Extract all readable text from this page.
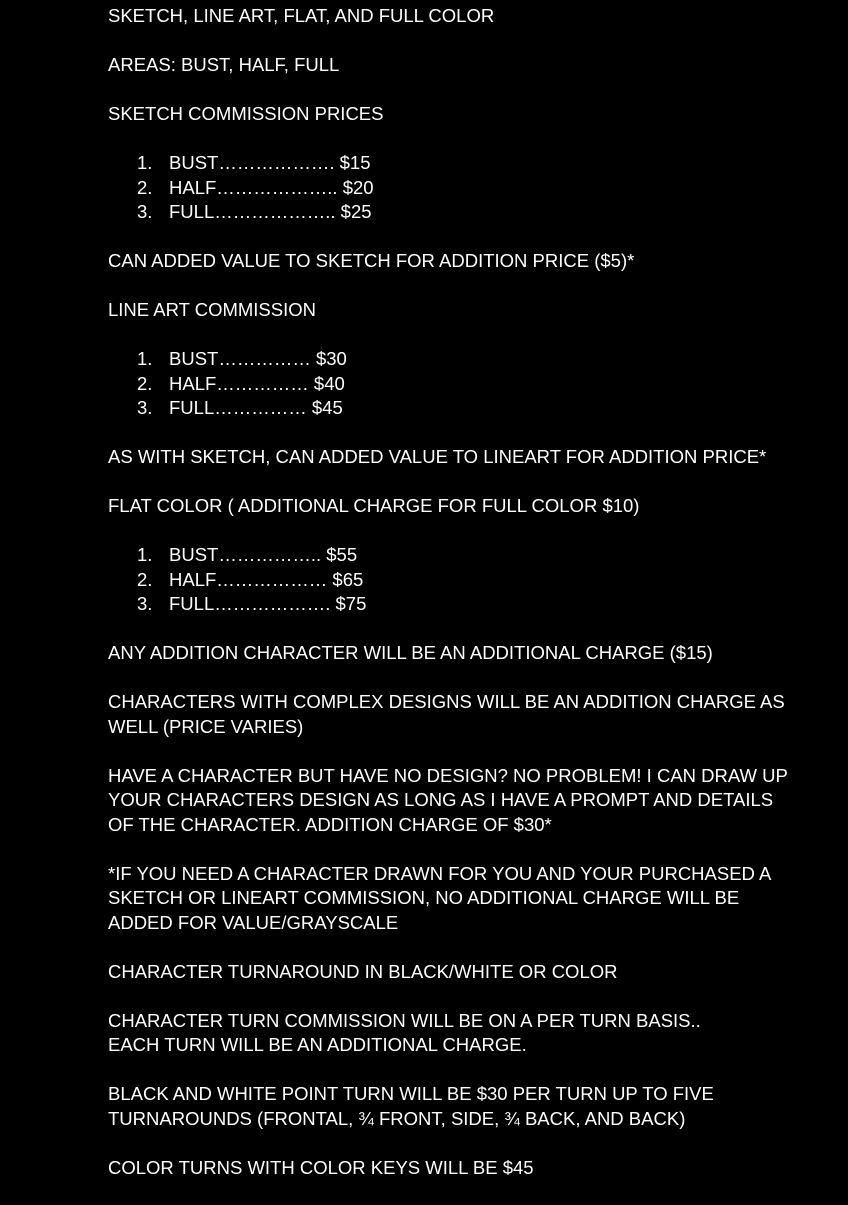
SKETCH, LINE ART, FLAT, AND FULL COLOR

AREAS: BUST, HALF, FULL

SKETCH COMMISSION PRICES

1. BUST………………. $15
2. HALF……………….. $20
3. FULL……………….. $25

CAN ADDED VALUE TO SKETCH FOR ADDITION PRICE ($5)*

LINE ART COMMISSION

1. BUST…………… $30
2. HALF…………… $40
3. FULL…………… $45

AS WITH SKETCH, CAN ADDED VALUE TO LINEART FOR ADDITION PRICE*

FLAT COLOR ( ADDITIONAL CHARGE FOR FULL COLOR $10)

1. BUST…………….. $55
2. HALF……………… $65
3. FULL………………. $75

ANY ADDITION CHARACTER WILL BE AN ADDITIONAL CHARGE ($15)

CHARACTERS WITH COMPLEX DESIGNS WILL BE AN ADDITION CHARGE AS
WELL (PRICE VARIES)

HAVE A CHARACTER BUT HAVE NO DESIGN? NO PROBLEM! I CAN DRAW UP
YOUR CHARACTERS DESIGN AS LONG AS I HAVE A PROMPT AND DETAILS
OF THE CHARACTER. ADDITION CHARGE OF $30*

*IF YOU NEED A CHARACTER DRAWN FOR YOU AND YOUR PURCHASED A
SKETCH OR LINEART COMMISSION, NO ADDITIONAL CHARGE WILL BE
ADDED FOR VALUE/GRAYSCALE

CHARACTER TURNAROUND IN BLACK/WHITE OR COLOR

CHARACTER TURN COMMISSION WILL BE ON A PER TURN BASIS..
EACH TURN WILL BE AN ADDITIONAL CHARGE.

BLACK AND WHITE POINT TURN WILL BE $30 PER TURN UP TO FIVE
TURNAROUNDS (FRONTAL, ¾ FRONT, SIDE, ¾ BACK, AND BACK)

COLOR TURNS WITH COLOR KEYS WILL BE $45
